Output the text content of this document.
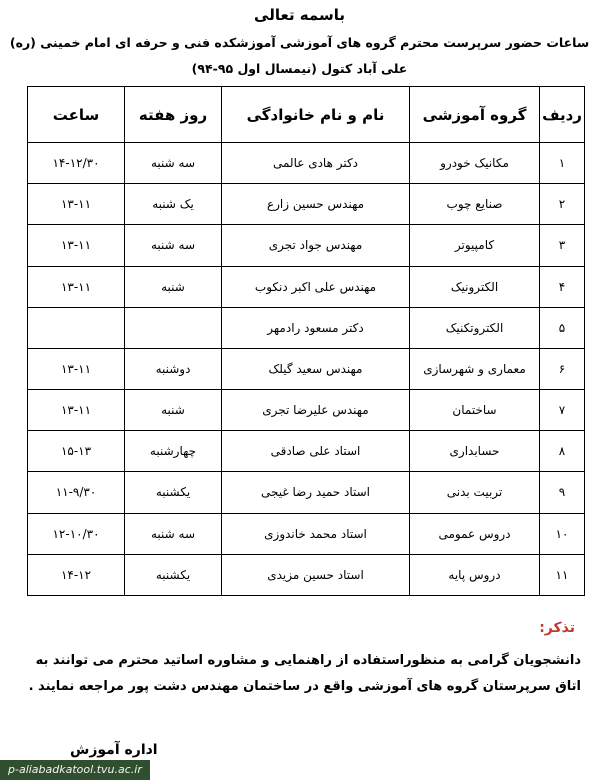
باسمه تعالی
ساعات حضور سرپرست محترم گروه های آموزشی آموزشکده فنی و حرفه ای امام خمینی (ره)
علی آباد کتول (نیمسال اول ۹۵-۹۴)
ردیف	گروه آموزشی	نام و نام خانوادگی	روز هفته	ساعت
۱	مکانیک خودرو	دکتر هادی عالمی	سه شنبه	۱۴-۱۲/۳۰
۲	صنایع چوب	مهندس حسین زارع	یک شنبه	۱۳-۱۱
۳	کامپیوتر	مهندس جواد تجری	سه شنبه	۱۳-۱۱
۴	الکترونیک	مهندس علی اکبر دنکوب	شنبه	۱۳-۱۱
۵	الکتروتکنیک	دکتر مسعود رادمهر		
۶	معماری و شهرسازی	مهندس سعید گیلک	دوشنبه	۱۳-۱۱
۷	ساختمان	مهندس علیرضا تجری	شنبه	۱۳-۱۱
۸	حسابداری	استاد علی صادقی	چهارشنبه	۱۵-۱۳
۹	تربیت بدنی	استاد حمید رضا غیجی	یکشنبه	۱۱-۹/۳۰
۱۰	دروس عمومی	استاد محمد خاندوزی	سه شنبه	۱۲-۱۰/۳۰
۱۱	دروس پایه	استاد حسین مزیدی	یکشنبه	۱۴-۱۲
تذکر:
دانشجویان گرامی به منظوراستفاده از راهنمایی و مشاوره اساتید محترم می توانند به اتاق سرپرستان گروه های آموزشی واقع در ساختمان مهندس دشت پور مراجعه نمایند .
اداره آموزش
p-aliabadkatool.tvu.ac.ir
